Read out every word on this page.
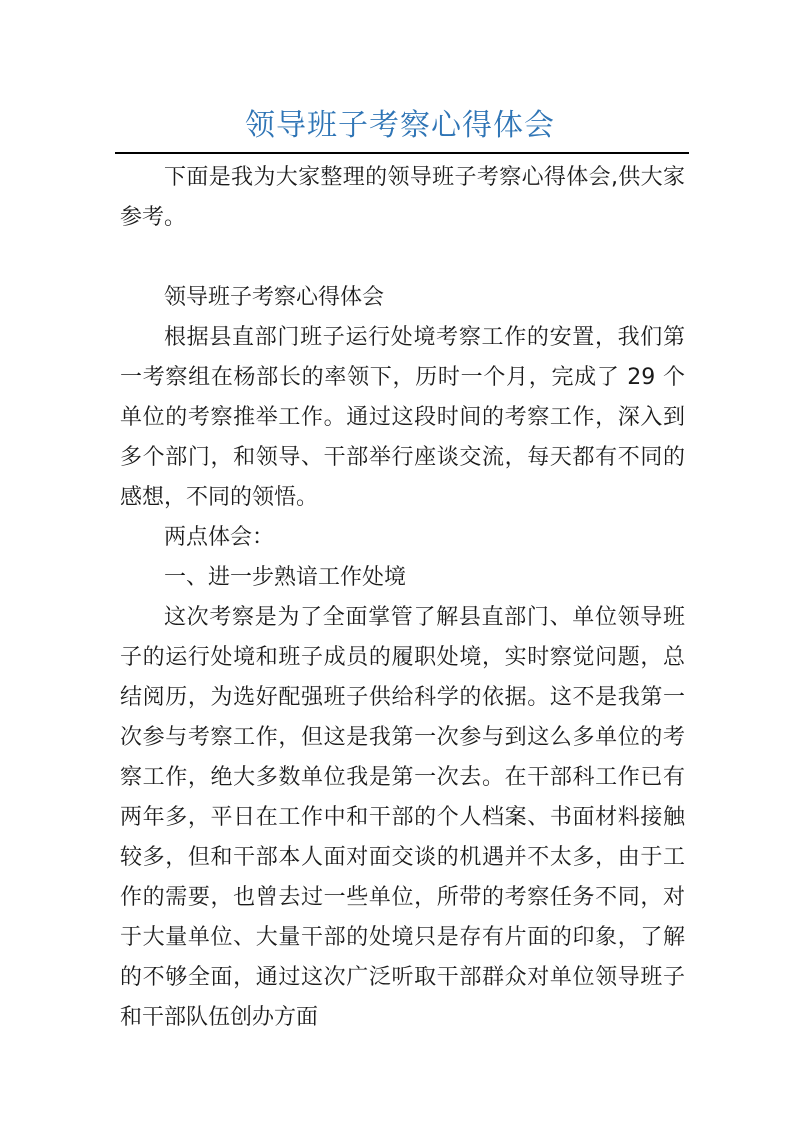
领导班子考察心得体会

下面是我为大家整理的领导班子考察心得体会,供大家参考。

领导班子考察心得体会

根据县直部门班子运行处境考察工作的安置，我们第一考察组在杨部长的率领下，历时一个月，完成了 29 个单位的考察推举工作。通过这段时间的考察工作，深入到多个部门，和领导、干部举行座谈交流，每天都有不同的感想，不同的领悟。

两点体会：

一、进一步熟谙工作处境

这次考察是为了全面掌管了解县直部门、单位领导班子的运行处境和班子成员的履职处境，实时察觉问题，总结阅历，为选好配强班子供给科学的依据。这不是我第一次参与考察工作，但这是我第一次参与到这么多单位的考察工作，绝大多数单位我是第一次去。在干部科工作已有两年多，平日在工作中和干部的个人档案、书面材料接触较多，但和干部本人面对面交谈的机遇并不太多，由于工作的需要，也曾去过一些单位，所带的考察任务不同，对于大量单位、大量干部的处境只是存有片面的印象，了解的不够全面，通过这次广泛听取干部群众对单位领导班子和干部队伍创办方面
